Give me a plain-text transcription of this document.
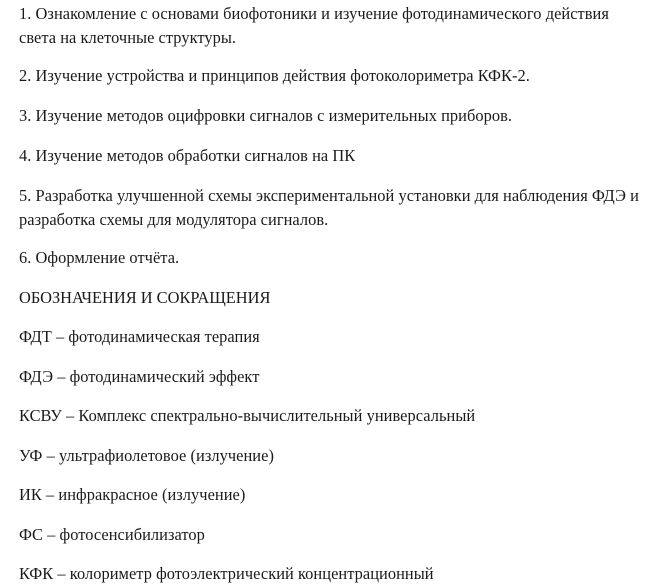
1. Ознакомление с основами биофотоники и изучение фотодинамического действия света на клеточные структуры.

2. Изучение устройства и принципов действия фотоколориметра КФК-2.

3. Изучение методов оцифровки сигналов с измерительных приборов.

4. Изучение методов обработки сигналов на ПК

5. Разработка улучшенной схемы экспериментальной установки для наблюдения ФДЭ и разработка схемы для модулятора сигналов.

6. Оформление отчёта.

ОБОЗНАЧЕНИЯ И СОКРАЩЕНИЯ

ФДТ – фотодинамическая терапия

ФДЭ – фотодинамический эффект

КСВУ – Комплекс спектрально-вычислительный универсальный

УФ – ультрафиолетовое (излучение)

ИК – инфракрасное (излучение)

ФС – фотосенсибилизатор

КФК – колориметр фотоэлектрический концентрационный
